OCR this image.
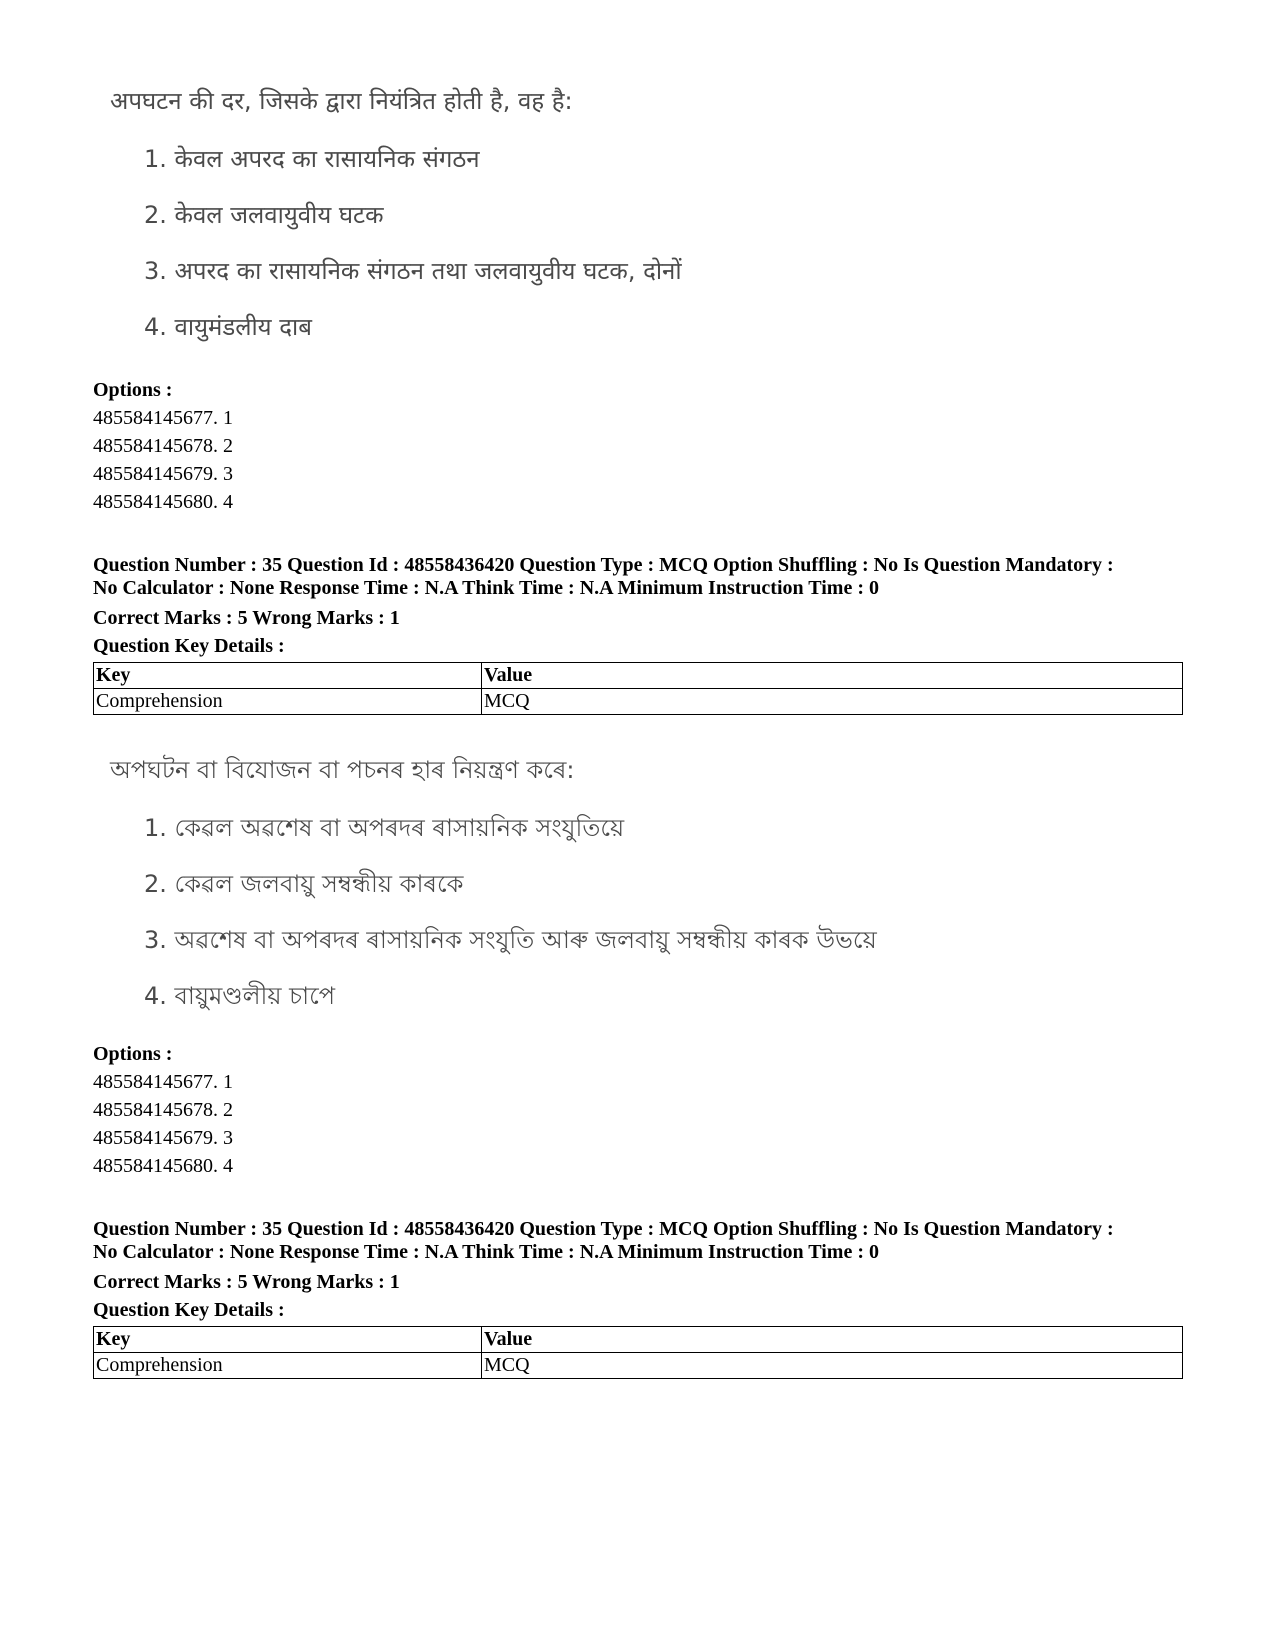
अपघटन की दर, जिसके द्वारा नियंत्रित होती है, वह है:

1. केवल अपरद का रासायनिक संगठन

2. केवल जलवायुवीय घटक

3. अपरद का रासायनिक संगठन तथा जलवायुवीय घटक, दोनों

4. वायुमंडलीय दाब

Options :

485584145677. 1

485584145678. 2

485584145679. 3

485584145680. 4

Question Number : 35 Question Id : 48558436420 Question Type : MCQ Option Shuffling : No Is Question Mandatory :

No Calculator : None Response Time : N.A Think Time : N.A Minimum Instruction Time : 0

Correct Marks : 5 Wrong Marks : 1

Question Key Details :

Key	Value
Comprehension	MCQ

অপঘটন বা বিযোজন বা পচনৰ হাৰ নিয়ন্ত্ৰণ কৰে:

1. কেৱল অৱশেষ বা অপৰদৰ ৰাসায়নিক সংযুতিয়ে

2. কেৱল জলবায়ু সম্বন্ধীয় কাৰকে

3. অৱশেষ বা অপৰদৰ ৰাসায়নিক সংযুতি আৰু জলবায়ু সম্বন্ধীয় কাৰক উভয়ে

4. বায়ুমণ্ডলীয় চাপে

Options :

485584145677. 1

485584145678. 2

485584145679. 3

485584145680. 4

Question Number : 35 Question Id : 48558436420 Question Type : MCQ Option Shuffling : No Is Question Mandatory :

No Calculator : None Response Time : N.A Think Time : N.A Minimum Instruction Time : 0

Correct Marks : 5 Wrong Marks : 1

Question Key Details :

Key	Value
Comprehension	MCQ
